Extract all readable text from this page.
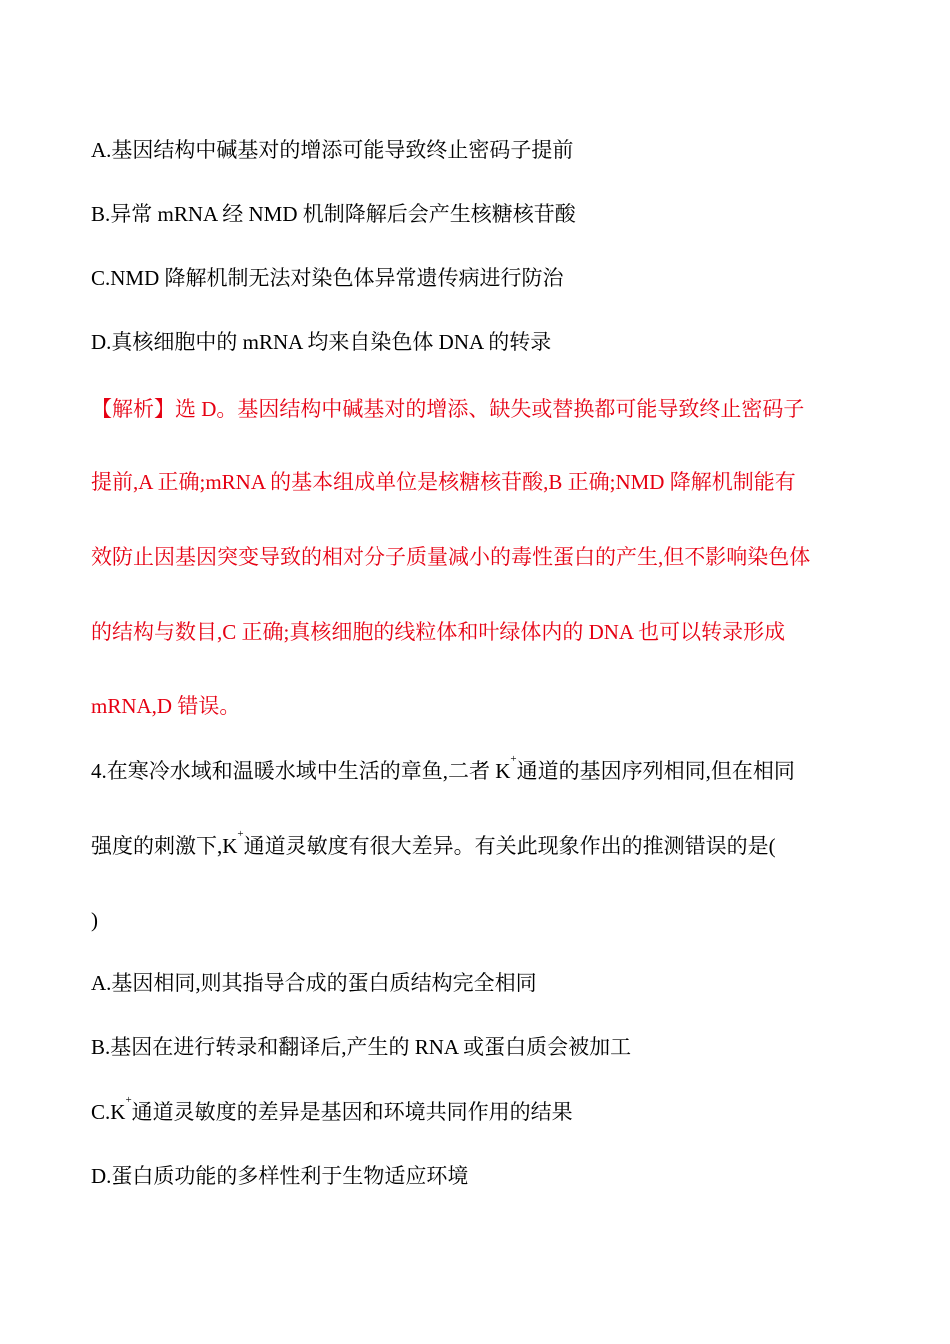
A.基因结构中碱基对的增添可能导致终止密码子提前
B.异常 mRNA 经 NMD 机制降解后会产生核糖核苷酸
C.NMD 降解机制无法对染色体异常遗传病进行防治
D.真核细胞中的 mRNA 均来自染色体 DNA 的转录
【解析】选 D。基因结构中碱基对的增添、缺失或替换都可能导致终止密码子
提前,A 正确;mRNA 的基本组成单位是核糖核苷酸,B 正确;NMD 降解机制能有
效防止因基因突变导致的相对分子质量减小的毒性蛋白的产生,但不影响染色体
的结构与数目,C 正确;真核细胞的线粒体和叶绿体内的 DNA 也可以转录形成
mRNA,D 错误。
4.在寒冷水域和温暖水域中生活的章鱼,二者 K+通道的基因序列相同,但在相同
强度的刺激下,K+通道灵敏度有很大差异。有关此现象作出的推测错误的是(
)
A.基因相同,则其指导合成的蛋白质结构完全相同
B.基因在进行转录和翻译后,产生的 RNA 或蛋白质会被加工
C.K+通道灵敏度的差异是基因和环境共同作用的结果
D.蛋白质功能的多样性利于生物适应环境
